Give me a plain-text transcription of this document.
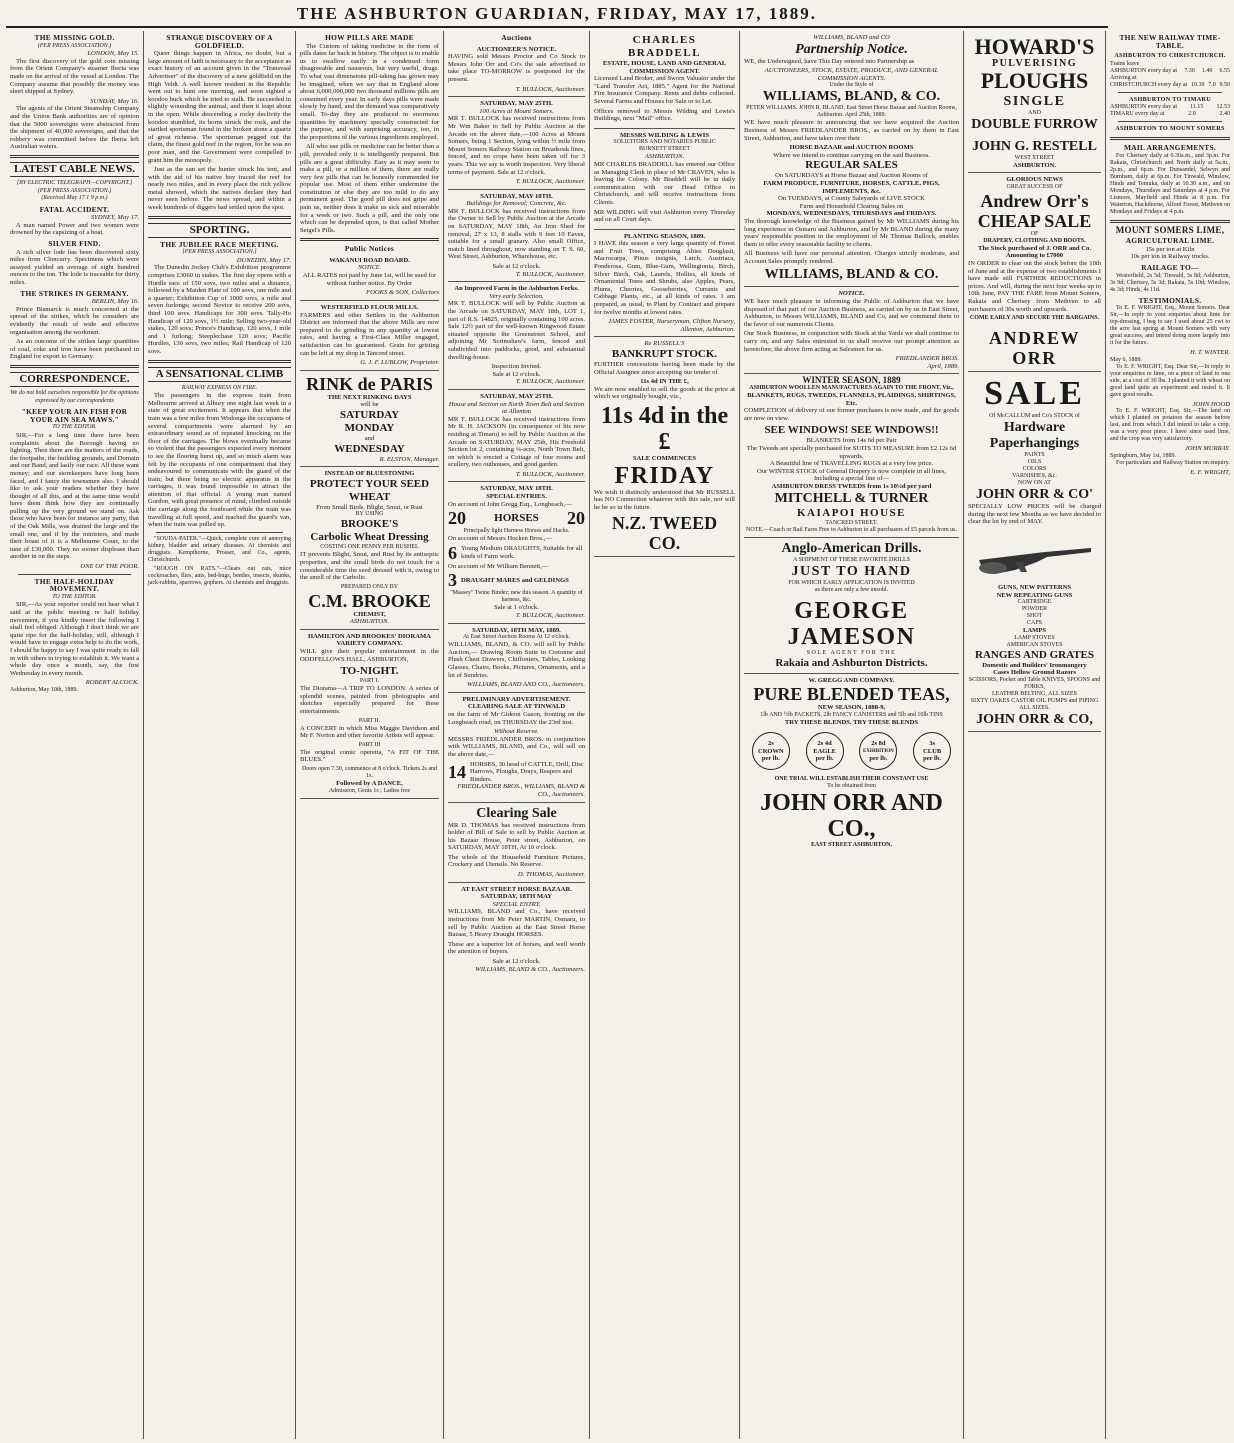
THE ASHBURTON GUARDIAN, FRIDAY, MAY 17, 1889.
THE MISSING GOLD.
(PER PRESS ASSOCIATION.)
LONDON, May 15.

The first discovery of the gold coin missing from the Orient Company's steamer Iberia was made on the arrival of the vessel at London. The Company assume that possibly the money was short shipped at Sydney.

SUNDAY, May 16.

The agents of the Orient Steamship Company and the Union Bank authorities are of opinion that the 5000 sovereigns were abstracted from the shipment of 40,000 sovereigns, and that the robbery was committed before the Iberia left Australian waters.

LATEST CABLE NEWS.
[BY ELECTRIC TELEGRAPH—COPYRIGHT.]
(PER PRESS ASSOCIATION.)
(Received May 17 1 9 p.m.)
FATAL ACCIDENT.
SYDNEY, May 17.

A man named Power and two women were drowned by the capsizing of a boat.

SILVER FIND.

A rich silver lode has been discovered sixty miles from Cloncurry. Specimens which were assayed yielded an average of eight hundred ounces to the ton. The lode is traceable for thirty miles.

THE STRIKES IN GERMANY.
BERLIN, May 16.

Prince Bismarck is much concerned at the spread of the strikes, which he considers are evidently the result of wide and effective organisation among the workmen.

As an outcome of the strikes large quantities of coal, coke and iron have been purchased in England for export to Germany.

CORRESPONDENCE.
We do not hold ourselves responsible for the opinions expressed by our correspondents
"KEEP YOUR AIN FISH FOR YOUR AIN SEA MAWS."
TO THE EDITOR.

SIR,—For a long time there have been complaints about the Borough having no lighting. Then there are the matters of the roads, the footpaths, the building grounds, and Domain and our Band, and lastly our race. All these want money; and our storekeepers have long been faced, and I fancy the townsmen also. I should like to ask your readers whether they have thought of all this, and at the same time would have them think how they are continually pulling up the very ground we stand on. Ask those who have been for instance any party, that of the Oak Mills, was drained the large and the small one, and if by the ministers, and made their boast of it is a Melbourne Court, to the tune of £30,000. They no sooner displease than another in on the steps.

ONE OF THE POOR.
THE HALF-HOLIDAY MOVEMENT.
TO THE EDITOR.

SIR,—As your reporter could not hear what I said at the public meeting re half holiday movement, if you kindly insert the following I shall feel obliged. Although I don't think we are quite ripe for the half-holiday, still, although I would have to engage extra help to do the work, I should be happy to say I was quite ready to fall in with others in trying to establish it. We want a whole day once a month, say, the first Wednesday in every month.

ROBERT ALCOCK.
Ashburton, May 10th, 1889.
STRANGE DISCOVERY OF A GOLDFIELD.

Queer things happen in Africa, no doubt, but a large amount of faith is necessary to the acceptance as exact history of an account given in the "Transvaal Advertiser" of the discovery of a new goldfield on the High Veldt. A well known resident in the Republic went out to hunt one morning, and soon sighted a koodoo buck which he tried to stalk. He succeeded in slightly wounding the animal, and then it leapt about in the open. While descending a rocky declivity the koodoo stumbled, its horns struck the rock, and the startled sportsman found in the broken stone a quartz of great richness. The sportsman pegged out the claim, the finest gold reef in the region, for he was no poor man, and the Government were compelled to grant him the monopoly.

Just as the sun set the hunter struck his tent, and with the aid of his native boy traced the reef for nearly two miles, and in every place the rich yellow metal showed, which the natives declare they had never seen before. The news spread, and within a week hundreds of diggers had settled upon the spot.

SPORTING.
THE JUBILEE RACE MEETING.
[PER PRESS ASSOCIATION.]
DUNEDIN, May 17.

The Dunedin Jockey Club's Exhibition programme comprises £3060 in stakes. The first day opens with a Hurdle race of 150 sovs, two miles and a distance, followed by a Maiden Plate of 100 sovs, one mile and a quarter; Exhibition Cup of 1000 sovs, a mile and seven furlongs; second Novice to receive 200 sovs, third 100 sovs. Handicaps for 300 sovs. Tally-Ho Handicap of 120 sovs, 1½ mile; Selling two-year-old stakes, 120 sovs; Prince's Handicap, 120 sovs, 1 mile and 1 furlong; Steeplechase 120 sovs; Pacific Hurdles, 130 sovs, two miles; Rail Handicap of 120 sovs.

A SENSATIONAL CLIMB
RAILWAY EXPRESS ON FIRE.

The passengers in the express train from Melbourne arrived at Albury one night last week in a state of great excitement. It appears that when the train was a few miles from Wodonga the occupants of several compartments were alarmed by an extraordinary sound as of repeated knocking on the floor of the carriages. The blows eventually became so violent that the passengers expected every moment to see the flooring burst up, and so much alarm was felt by the occupants of one compartment that they endeavoured to communicate with the guard of the train; but there being no electric apparatus in the carriages, it was found impossible to attract the attention of that official. A young man named Gordon, with great presence of mind, climbed outside the carriage along the footboard while the train was travelling at full speed, and reached the guard's van, when the train was pulled up.

"SOUDA-PATER."—Quick, complete cure of annoying kidney, bladder and urinary diseases. At chemists and druggists. Kempthorne, Prosser, and Co., agents, Christchurch.

"ROUGH ON RATS."—Clears out rats, mice cockroaches, flies, ants, bed-bugs, beetles, insects, skunks, jack-rabbits, sparrows, gophers. At chemists and druggists.

HOW PILLS ARE MADE

The Custom of taking medicine in the form of pills dates far back in history. The object is to enable us to swallow easily in a condensed form disagreeable and nauseous, but very useful, drugs. To what vast dimensions pill-taking has grown may be imagined, when we say that in England alone about 6,000,000,000 two thousand millions pills are consumed every year. In early days pills were made slowly by hand, and the demand was comparatively small. To-day they are produced in enormous quantities by machinery specially constructed for the purpose, and with surprising accuracy, too, in the proportions of the various ingredients employed.

All who use pills or medicine can be better than a pill, provided only it is intelligently prepared. But pills are a great difficulty. Easy as it may seem to make a pill, or a million of them, there are really very few pills that can be honestly commended for popular use. Most of them either undermine the constitution or else they are too mild to do any permanent good. The good pill does not gripe and pain us, neither does it make us sick and miserable for a week or two. Such a pill, and the only one which can be depended upon, is that called Mother Seigel's Pills.

Public Notices
WAKANUI ROAD BOARD.
NOTICE.

ALL RATES not paid by June 1st, will be sued for without further notice. By Order

FOOKS & SON, Collectors
WESTERFIELD FLOUR MILLS.

FARMERS and other Settlers in the Ashburton District are informed that the above Mills are now prepared to do grinding in any quantity at lowest rates, and having a First-Class Miller engaged, satisfaction can be guaranteed. Grain for gristing can be left at my shop in Tancred street.

G. J. F. LUBLOW, Proprietor.
RINK de PARIS
THE NEXT RINKING DAYS
will be
SATURDAY
MONDAY
and
WEDNESDAY
R. ELSTON, Manager.
INSTEAD OF BLUESTONING
PROTECT YOUR SEED WHEAT
From Small Birds, Blight, Smut, or Rust
BY USING
BROOKE'S
Carbolic Wheat Dressing
COSTING ONE PENNY PER BUSHEL

IT prevents Blight, Smut, and Rust by its antiseptic properties, and the small birds do not touch for a considerable time the seed dressed with it, owing to the smell of the Carbolic.

PREPARED ONLY BY
C.M. BROOKE
CHEMIST,
ASHBURTON.
HAMILTON AND BROOKES' DIORAMA VARIETY COMPANY.

WILL give their popular entertainment in the ODDFELLOWS HALL, ASHBURTON,

TO-NIGHT.
PART I.

The Diorama—A TRIP TO LONDON. A series of splendid scenes, painted from photographs and sketches especially prepared for these entertainments.

PART II.

A CONCERT in which Miss Maggie Davidson and Mr F. Norton and other favorite Artists will appear.

PART III

The original comic operetta, "A FIT OF THE BLUES."

Doors open 7.30, commence at 8 o'clock. Tickets 2s and 1s.
Followed by A DANCE,
Admission, Gents 1s ; Ladies free
Auctions
AUCTIONEER'S NOTICE.

HAVING sold Messrs Proctor and Co Stock to Messrs John Orr and Co's the sale advertised to take place TO-MORROW is postponed for the present.

T. BULLOCK, Auctioneer.
SATURDAY, MAY 25TH.
100 Acres at Mount Somers.

MR T. BULLOCK has received instructions from Mr Wm Baker to Sell by Public Auction at the Arcade on the above date,—100 Acres at Mount Somers, being 1 Section, lying within ½ mile from Mount Somers Railway Station on Breadsoak lines, fenced, and no crops have been taken off for 3 years. This we say is worth inspection. Very liberal terms of payment. Sale at 12 o'clock.

T. BULLOCK, Auctioneer.
SATURDAY, MAY 18TH.
Buildings for Removal; Concrete, &c.

MR T. BULLOCK has received instructions from the Owner to Sell by Public Auction at the Arcade on SATURDAY, MAY 18th, An Iron Shed for removal, 27 x 13, 8 stalls with 9 feet 10 Eaves, suitable for a small granary. Also small Office, match lined throughout, now standing on T. S. 60, West Street, Ashburton, Wharehouse, etc.

Sale at 12 o'clock.
T. BULLOCK, Auctioneer.
An Improved Farm in the Ashburton Forks.
Very early Selection.

MR T. BULLOCK will sell by Public Auction at the Arcade on SATURDAY, MAY 18th, LOT 1, part of R.S. 14825, originally containing 100 acres. Sale 12½ part of the well-known Ringwood Estate situated opposite the Greenstreet School, and adjoining Mr Scrimshaw's farm, fenced and subdivided into paddocks, good, and substantial dwelling-house.

Inspection Invited.
Sale at 12 o'clock.
T. BULLOCK, Auctioneer.
SATURDAY, MAY 25TH.
House and Section on North Town Belt and Section at Allenton

MR T. BULLOCK has received instructions from Mr R. H. JACKSON (in consequence of his now residing at Timaru) to sell by Public Auction at the Arcade on SATURDAY, MAY 25th, His Freehold Section lot 2, containing ¼-acre, North Town Belt, on which is erected a Cottage of four rooms and scullery, two outhouses, and good garden.

T. BULLOCK, Auctioneer.
SATURDAY, MAY 18TH.
SPECIAL ENTRIES.
On account of John Gregg Esq., Longbeach,—
20	HORSES 20
Principally light Harness Horses and Hacks.
On account of Messrs Hocken Bros.,—
6 Young Medium DRAUGHTS, Suitable for all kinds of Farm work.
On account of Mr William Bennett,—
3 DRAUGHT MARES and GELDINGS
"Massey" Twine Binder; new this season. A quantity of harness, &c.
Sale at 1 o'clock.
T. BULLOCK, Auctioneer.
SATURDAY, 18TH MAY, 1889.
At East Street Auction Rooms At 12 o'clock.

WILLIAMS, BLAND, & CO. will sell by Public Auction,— Drawing Room Suite in Cretonne and Plush Chest Drawers, Chiffoniers, Tables, Looking Glasses, Chairs, Books, Pictures, Ornaments, and a lot of Sundries.

WILLIAMS, BLAND AND CO., Auctioneers.
PRELIMINARY ADVERTISEMENT.
CLEARING SALE AT TINWALD

on the farm of Mr Gideon Gason, fronting on the Longbeach road, on THURSDAY the 23rd inst.

Without Reserve.

MESSRS FRIEDLANDER BROS. in conjunction with WILLIAMS, BLAND, and Co., will sell on the above date,—

14 HORSES, 30 head of CATTLE, Drill, Disc Harrows, Ploughs, Drays, Reapers and Binders.
FRIEDLANDER BROS., WILLIAMS, BLAND & CO., Auctioneers.
Clearing Sale

MR D. THOMAS has received instructions from holder of Bill of Sale to sell by Public Auction at his Bazaar House, Peter street, Ashburton, on SATURDAY, MAY 18TH, At 10 o'clock.

The whole of the Household Furniture Pictures, Crockery and Utensils. No Reserve.

D. THOMAS, Auctioneer.
AT EAST STREET HORSE BAZAAR.
SATURDAY, 18TH MAY
SPECIAL ENTRY.

WILLIAMS, BLAND and Co., have received instructions from Mr Peter MARTIN, Osmaru, to sell by Public Auction at the East Street Horse Bazaar, 5 Heavy Draught HORSES.

These are a superior lot of horses, and well worth the attention of buyers.

Sale at 12 o'clock.
WILLIAMS, BLAND & CO., Auctioneers.
CHARLES BRADDELL
ESTATE, HOUSE, LAND AND GENERAL COMMISSION AGENT.

Licensed Land Broker, and Sworn Valuator under the "Land Transfer Act, 1885." Agent for the National Fire Insurance Company. Rents and debts collected. Several Farms and Houses for Sale or to Let.

Offices removed to Messrs Wilding and Lewis's Buildings, next "Mail" office.

MESSRS WILDING & LEWIS
SOLICITORS AND NOTARIES PUBLIC
BURNETT STREET
ASHBURTON.

MR CHARLES BRADDELL has entered our Office as Managing Clerk in place of Mr CRAVEN, who is leaving the Colony. Mr Braddell will be in daily communication with our Head Office in Christchurch, and will receive instructions from Clients.

MR WILDING will visit Ashburton every Thursday and on all Court days.

PLANTING SEASON, 1889.

I HAVE this season a very large quantity of Forest and Fruit Trees, comprising Abies Douglasii, Macrocarpa, Pinus insignis, Larch, Austriaca, Ponderosa, Gum, Blue-Gum, Wellingtonia, Birch, Silver Birch, Oak, Laurels, Hollies, all kinds of Ornamental Trees and Shrubs, also Apples, Pears, Plums, Cherries, Gooseberries, Currants and Cabbage Plants, etc., at all kinds of rates. I am prepared, as usual, to Plant by Contract and prepare for twelve months at lowest rates.

JAMES FOSTER, Nurseryman, Clifton Nursery, Allenton, Ashburton.
Re RUSSELL'S
BANKRUPT STOCK.

FURTHER concessions having been made by the Official Assignee since accepting our tender of

11s 4d IN THE £,

We are now enabled to sell the goods at the price at which we originally bought, viz.,

11s 4d in the £
SALE COMMENCES
FRIDAY

We wish it distinctly understood that Mr RUSSELL has NO Connection whatever with this sale, nor will he be so in the future.

N.Z. TWEED CO.
WILLIAMS, BLAND and CO
Partnership Notice.

WE, the Undersigned, have This Day entered into Partnership as

AUCTIONEERS, STOCK, ESTATE, PRODUCE, AND GENERAL COMMISSION AGENTS.
Under the Style of
WILLIAMS, BLAND, & CO.
PETER WILLIAMS. JOHN R. BLAND. East Street Horse Bazaar and Auction Rooms, Ashburton. April 25th, 1889.

WE have much pleasure in announcing that we have acquired the Auction Business of Messrs FRIEDLANDER BROS., as carried on by them in East Street, Ashburton, and have taken over their

HORSE BAZAAR and AUCTION ROOMS
Where we intend to continue carrying on the said Business.
REGULAR SALES
On SATURDAYS at Horse Bazaar and Auction Rooms of
FARM PRODUCE, FURNITURE, HORSES, CATTLE, PIGS, IMPLEMENTS, &c.
On TUESDAYS, at County Saleyards of LIVE STOCK
Farm and Household Clearing Sales on
MONDAYS, WEDNESDAYS, THURSDAYS and FRIDAYS.

The thorough knowledge of the Business gained by Mr WILLIAMS during his long experience in Osmaru and Ashburton, and by Mr BLAND during the many years' responsible position in the employment of Mr Thomas Bullock, enables them to offer every reasonable facility to clients.

All Business will have our personal attention. Charges strictly moderate, and Account Sales promptly rendered.

WILLIAMS, BLAND & CO.
NOTICE.

WE have much pleasure in informing the Public of Ashburton that we have disposed of that part of our Auction Business, as carried on by us in East Street, Ashburton, to Messrs WILLIAMS, BLAND and Co, and we commend them to the favor of our numerous Clients.

Our Stock Business, in conjunction with Stock at the Yards we shall continue to carry on, and any Sales entrusted to us shall receive our prompt attention as heretofore, the above firm acting as Salesmen for us.

FRIEDLANDER BROS.
April, 1889.
WINTER SEASON, 1889
ASHBURTON WOOLLEN MANUFACTURES AGAIN TO THE FRONT, Viz.,
BLANKETS, RUGS, TWEEDS, FLANNELS, PLAIDINGS, SHIRTINGS, Etc.

COMPLETION of delivery of our former purchases is now made, and the goods are now on view.

SEE WINDOWS! SEE WINDOWS!!
BLANKETS from 14s 6d per Pair
The Tweeds are specially purchased for SUITS TO MEASURE from £2 12s 6d upwards.
A Beautiful line of TRAVELLING RUGS at a very low price.
Our WINTER STOCK of General Drapery is now complete in all lines, Including a special line of—
ASHBURTON DRESS TWEEDS from 1s 10½d per yard
MITCHELL & TURNER
KAIAPOI HOUSE
TANCRED STREET.
NOTE.—Coach or Rail Fares Free to Ashburton to all purchasers of £5 parcels from us.
Anglo-American Drills.
A SHIPMENT OF THESE FAVORITE DRILLS
JUST TO HAND
FOR WHICH EARLY APPLICATION IS INVITED
as there are only a few unsold.
GEORGE JAMESON
SOLE AGENT FOR THE
Rakaia and Ashburton Districts.
W. GREGG AND COMPANY.
PURE BLENDED TEAS,
NEW SEASON, 1888-9,
1lb AND ½lb PACKETS, 2lb FANCY CANISTERS and 5lb and 10lb TINS
TRY THESE BLENDS. TRY THESE BLENDS
2s
CROWN
per lb.
2s 4d
EAGLE
per lb.
2s 8d
EXHIBITION
per lb.
3s
CLUB
per lb.
ONE TRIAL WILL ESTABLISH THEIR CONSTANT USE
To be obtained from
JOHN ORR AND CO.,
EAST STREET ASHBURTON,
HOWARD'S
PULVERISING
PLOUGHS
SINGLE
AND
DOUBLE FURROW
JOHN G. RESTELL
WEST STREET
ASHBURTON.
GLORIOUS NEWS
GREAT SUCCESS OF
Andrew Orr's
CHEAP SALE
OF
DRAPERY, CLOTHING AND BOOTS.
The Stock purchased of J. ORR and Co. Amounting to £7000

IN ORDER to clear out the stock before the 10th of June and at the expense of two establishments I have made still FURTHER REDUCTIONS in prices. And will, during the next four weeks up to 10th June, PAY THE FARE from Mount Somers, Rakaia and Chertsey from Methven to all purchasers of 30s worth and upwards.

COME EARLY AND SECURE THE BARGAINS.
ANDREW ORR
SALE
Of McCALLUM and Co's STOCK of
Hardware
Paperhangings
PAINTS
OILS
COLORS
VARNISHES, &c.
NOW ON AT
JOHN ORR & CO'

SPECIALLY LOW PRICES will be charged during the next few Months as we have decided to clear the lot by end of MAY.

GUNS, NEW PATTERNS
NEW REPEATING GUNS
CARTRIDGE
POWDER
SHOT
CAPS
LAMPS
LAMP STOVES
AMERICAN STOVES
RANGES AND GRATES
Domestic and Builders' Ironmongery
Cases Hellow Ground Razors
SCISSORS, Pocket and Table KNIVES, SPOONS and FORKS,
LEATHER BELTING, ALL SIZES
SIXTY OAKES CASTOR OIL PUMPS and PIPING ALL SIZES.
JOHN ORR & CO,
THE NEW RAILWAY TIME-TABLE.
ASHBURTON TO CHRISTCHURCH.
Trains leave
ASHBURTON every day at 7.30 1.40 6.55
Arriving at
CHRISTCHURCH every day at 10.30 7.0 9.50
ASHBURTON TO TIMARU
ASHBURTON every day at 11.15 12.53
TIMARU every day at	2.0	2.40
ASHBURTON TO MOUNT SOMERS
MAIL ARRANGEMENTS.

For Chertsey daily at 6.30a.m., and 3p.m. For Rakaia, Christchurch and North daily at 5a.m., 2p.m., and 6p.m. For Dunsandel, Selwyn and Burnham, daily at 6p.m. For Tinwald, Winslow, Hinds and Temuka, daily at 10.30 a.m., and on Mondays, Thursdays and Saturdays at 4 p.m. For Lismore, Mayfield and Hinds at 8 p.m. For Waterton, Hackthorne, Alford Forest, Methven on Mondays and Fridays at 4 p.m.

MOUNT SOMERS LIME,
AGRICULTURAL LIME.
15s per ton at Kiln
10s per ton in Railway trucks.
RAILAGE TO—

Westerfield, 2s 5d; Tinwald, 3s 8d; Ashburton, 3s 9d; Chertsey, 5s 3d; Rakaia, 5s 10d; Winslow, 4s 3d; Hinds, 4s 11d.

TESTIMONIALS.

To E. F. WRIGHT, Esq., Mount Somers. Dear Sir,—In reply to your enquiries about lime for top-dressing, I beg to say I used about 25 cwt to the acre last spring at Mount Somers with very great success, and intend doing more largely into it for the future.

H. T. WINTER.
May 6, 1889.

To E. F. WRIGHT, Esq. Dear Sir,—In reply to your enquiries re lime, on a piece of land to one side, at a cost of 30 lbs. I planted it with wheat on good land quite an experiment and tested it. It gave good results.

JOHN HOOD

To E. F. WRIGHT, Esq. Sir,—The land on which I planted on potatoes the season before last, and from which I did intend to take a crop, was a very poor piece. I have since used lime, and the crop was very satisfactory.

JOHN MURRAY.
Springburn, May 1st, 1889.

For particulars and Railway Station on enquiry.

E. F. WRIGHT,
